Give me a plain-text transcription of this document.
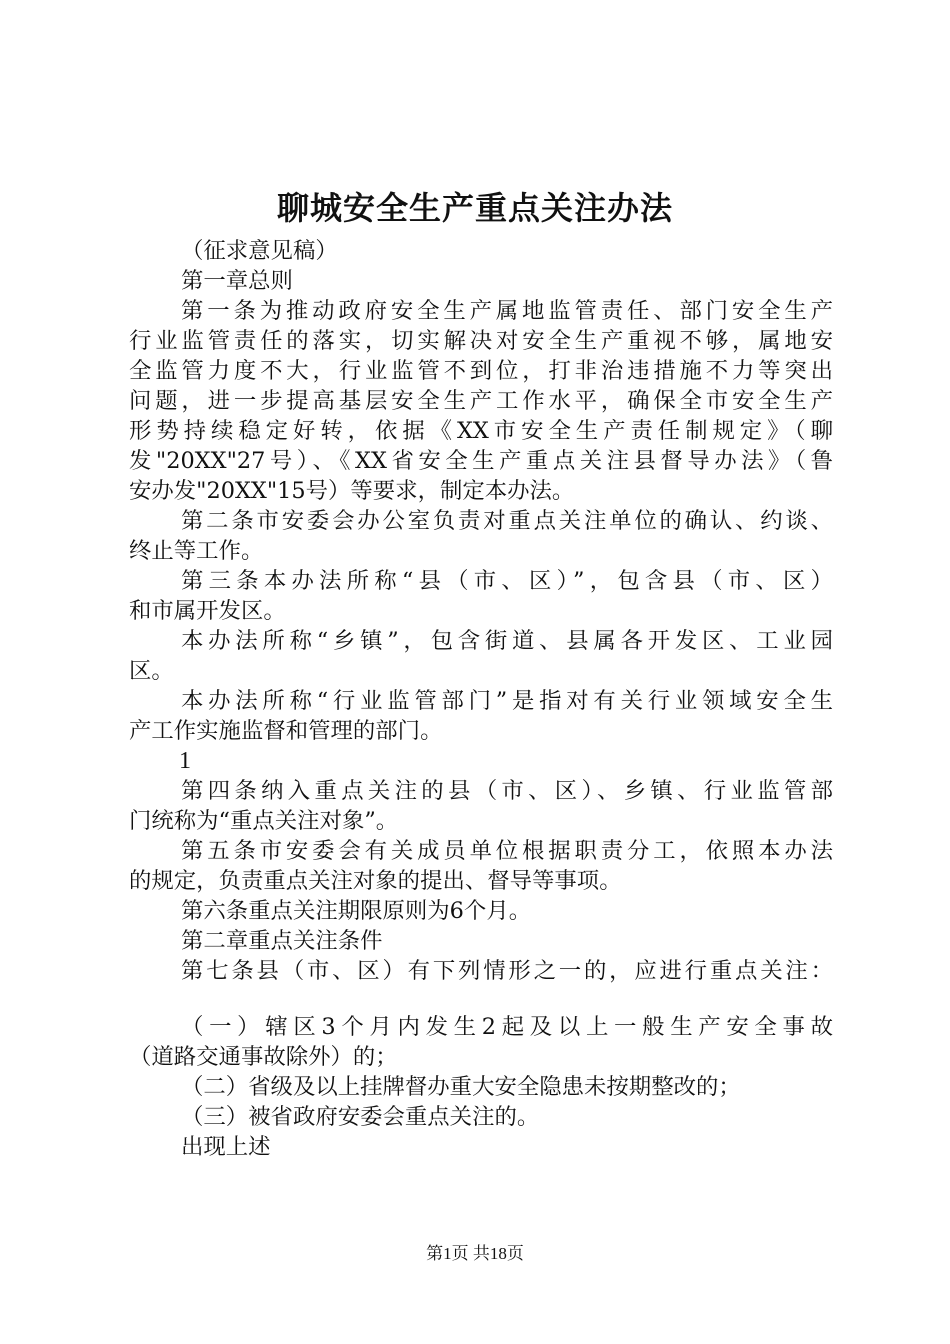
聊城安全生产重点关注办法
（征求意见稿）
第一章总则
第一条为推动政府安全生产属地监管责任、部门安全生产
行业监管责任的落实，切实解决对安全生产重视不够，属地安
全监管力度不大，行业监管不到位，打非治违措施不力等突出
问题，进一步提高基层安全生产工作水平，确保全市安全生产
形势持续稳定好转，依据《XX市安全生产责任制规定》（聊
发"20XX"27号）、《XX省安全生产重点关注县督导办法》（鲁
安办发"20XX"15号）等要求，制定本办法。
第二条市安委会办公室负责对重点关注单位的确认、约谈、
终止等工作。
第三条本办法所称“县（市、区）”，包含县（市、区）
和市属开发区。
本办法所称“乡镇”，包含街道、县属各开发区、工业园
区。
本办法所称“行业监管部门”是指对有关行业领域安全生
产工作实施监督和管理的部门。
1
第四条纳入重点关注的县（市、区）、乡镇、行业监管部
门统称为“重点关注对象”。
第五条市安委会有关成员单位根据职责分工，依照本办法
的规定，负责重点关注对象的提出、督导等事项。
第六条重点关注期限原则为6个月。
第二章重点关注条件
第七条县（市、区）有下列情形之一的，应进行重点关注：
（一）辖区3个月内发生2起及以上一般生产安全事故
（道路交通事故除外）的；
（二）省级及以上挂牌督办重大安全隐患未按期整改的；
（三）被省政府安委会重点关注的。
出现上述
第1页 共18页
